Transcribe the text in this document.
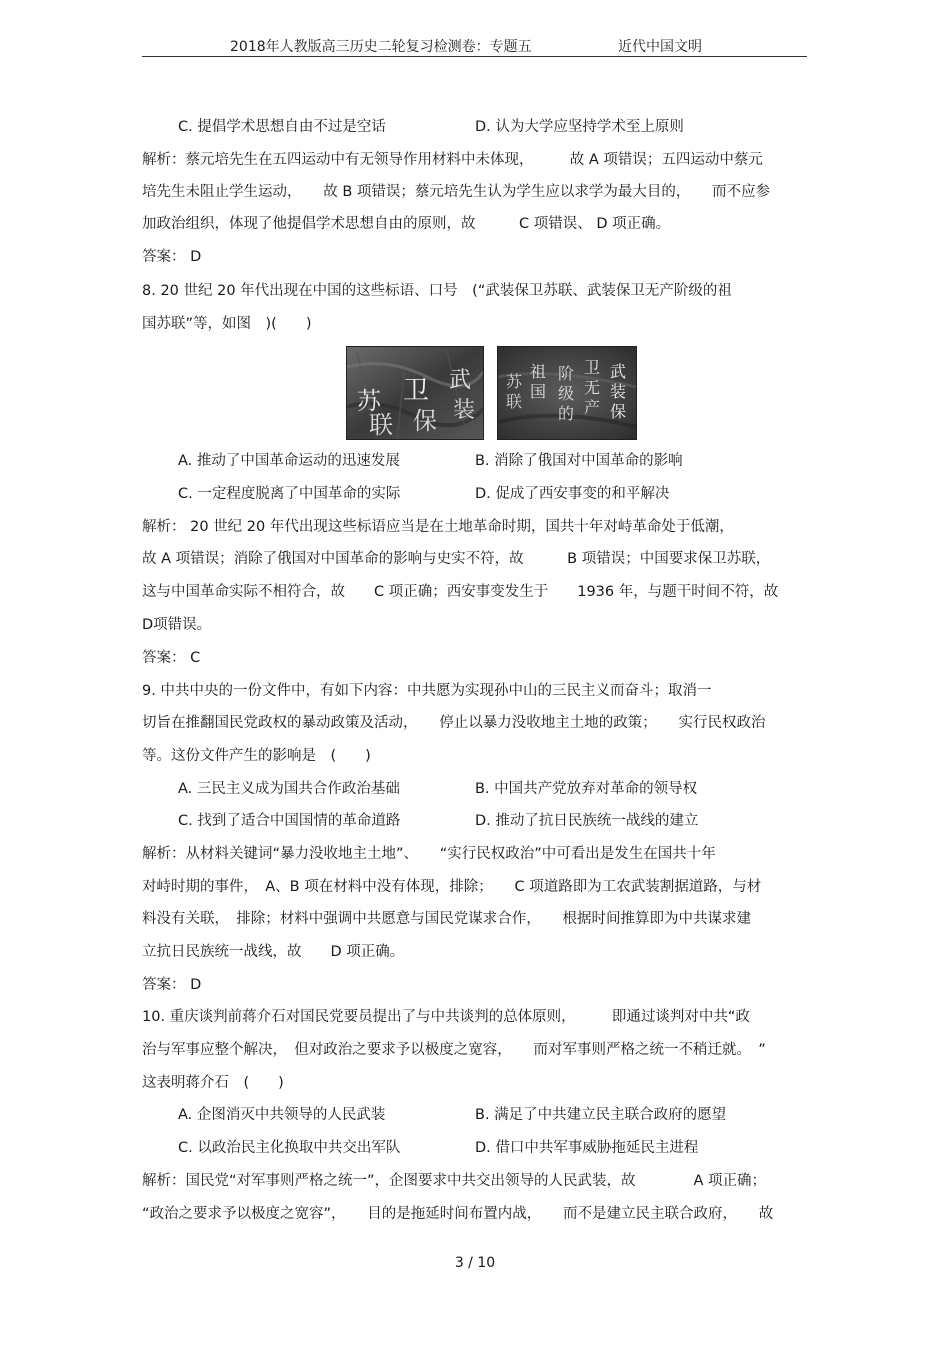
2018年人教版高三历史二轮复习检测卷：专题五	近代中国文明
C. 提倡学术思想自由不过是空话	D. 认为大学应坚持学术至上原则
解析：蔡元培先生在五四运动中有无领导作用材料中未体现，　　　故 A 项错误；五四运动中蔡元
培先生未阻止学生运动，　　故 B 项错误；蔡元培先生认为学生应以求学为最大目的，　　而不应参
加政治组织，体现了他提倡学术思想自由的原则，故　　　C 项错误、 D 项正确。
答案： D
8. 20 世纪 20 年代出现在中国的这些标语、口号　(“武装保卫苏联、武装保卫无产阶级的祖
国苏联”等，如图　)(　　)
苏
联
卫
保
武
装
武
装
保
卫
无
产
阶
级
的
祖
国
苏
联
A. 推动了中国革命运动的迅速发展	B. 消除了俄国对中国革命的影响
C. 一定程度脱离了中国革命的实际	D. 促成了西安事变的和平解决
解析： 20 世纪 20 年代出现这些标语应当是在土地革命时期，国共十年对峙革命处于低潮，
故 A 项错误；消除了俄国对中国革命的影响与史实不符，故　　　B 项错误；中国要求保卫苏联，
这与中国革命实际不相符合，故　　C 项正确；西安事变发生于　　1936 年，与题干时间不符，故
D项错误。
答案： C
9. 中共中央的一份文件中，有如下内容：中共愿为实现孙中山的三民主义而奋斗；取消一
切旨在推翻国民党政权的暴动政策及活动，　　停止以暴力没收地主土地的政策；　　实行民权政治
等。这份文件产生的影响是　(　　)
A. 三民主义成为国共合作政治基础	B. 中国共产党放弃对革命的领导权
C. 找到了适合中国国情的革命道路	D. 推动了抗日民族统一战线的建立
解析：从材料关键词“暴力没收地主土地”、　　“实行民权政治”中可看出是发生在国共十年
对峙时期的事件，　A、B 项在材料中没有体现，排除；　　C 项道路即为工农武装割据道路，与材
料没有关联，　排除；材料中强调中共愿意与国民党谋求合作，　　根据时间推算即为中共谋求建
立抗日民族统一战线，故　　D 项正确。
答案： D
10. 重庆谈判前蒋介石对国民党要员提出了与中共谈判的总体原则，　　　即通过谈判对中共“政
治与军事应整个解决，　但对政治之要求予以极度之宽容，　　而对军事则严格之统一不稍迁就。　”
这表明蒋介石　(　　)
A. 企图消灭中共领导的人民武装	B. 满足了中共建立民主联合政府的愿望
C. 以政治民主化换取中共交出军队	D. 借口中共军事威胁拖延民主进程
解析：国民党“对军事则严格之统一”，企图要求中共交出领导的人民武装，故　　　　A 项正确；
“政治之要求予以极度之宽容”，　　目的是拖延时间布置内战，　　而不是建立民主联合政府，　　故
3 / 10
